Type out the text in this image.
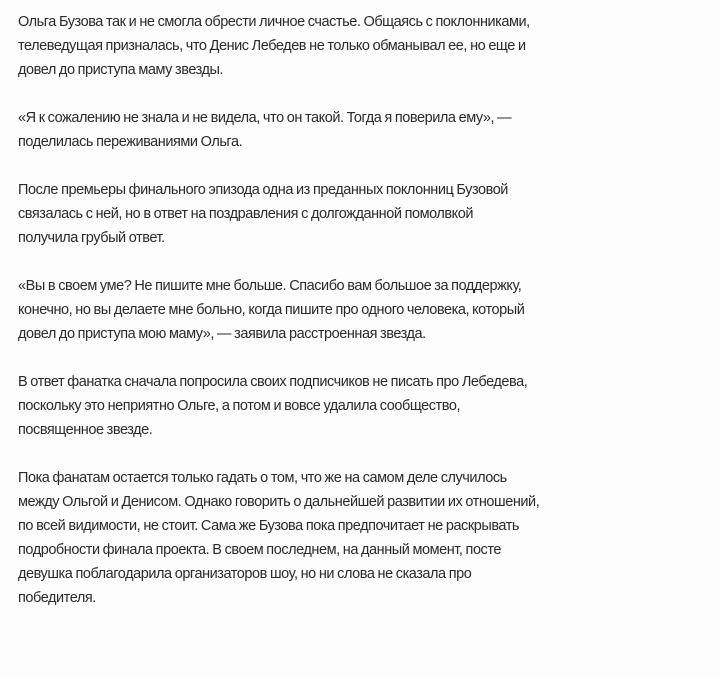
Ольга Бузова так и не смогла обрести личное счастье. Общаясь с поклонниками,
телеведущая призналась, что Денис Лебедев не только обманывал ее, но еще и
довел до приступа маму звезды.

«Я к сожалению не знала и не видела, что он такой. Тогда я поверила ему», —
поделилась переживаниями Ольга.

После премьеры финального эпизода одна из преданных поклонниц Бузовой
связалась с ней, но в ответ на поздравления с долгожданной помолвкой
получила грубый ответ.

«Вы в своем уме? Не пишите мне больше. Спасибо вам большое за поддержку,
конечно, но вы делаете мне больно, когда пишите про одного человека, который
довел до приступа мою маму», — заявила расстроенная звезда.

В ответ фанатка сначала попросила своих подписчиков не писать про Лебедева,
поскольку это неприятно Ольге, а потом и вовсе удалила сообщество,
посвященное звезде.

Пока фанатам остается только гадать о том, что же на самом деле случилось
между Ольгой и Денисом. Однако говорить о дальнейшей развитии их отношений,
по всей видимости, не стоит. Сама же Бузова пока предпочитает не раскрывать
подробности финала проекта. В своем последнем, на данный момент, посте
девушка поблагодарила организаторов шоу, но ни слова не сказала про
победителя.
